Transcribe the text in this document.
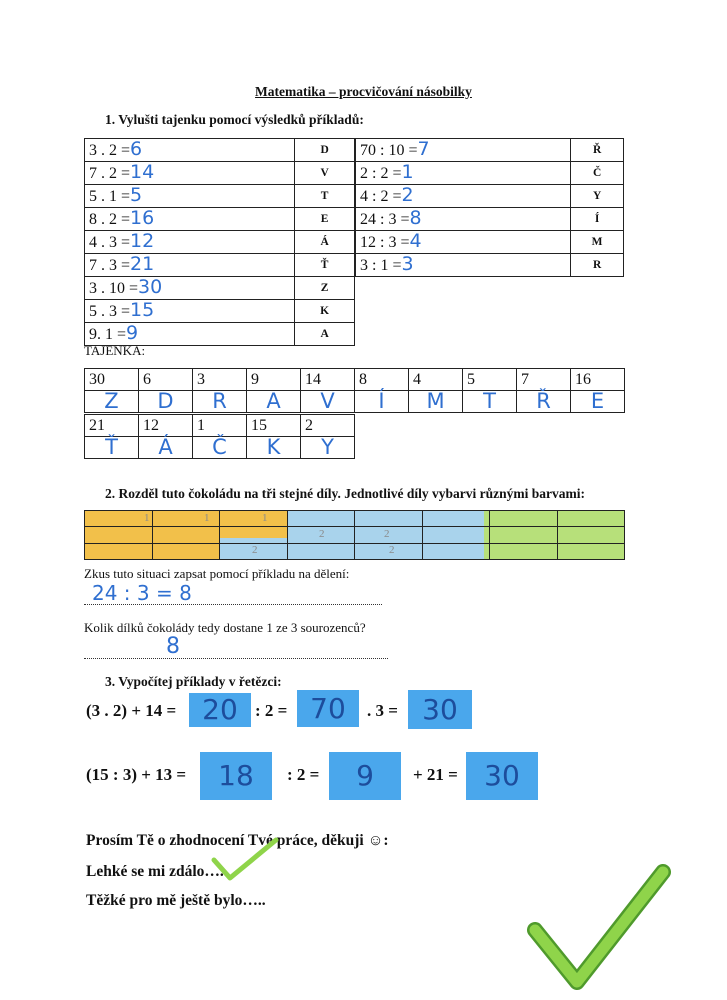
Matematika – procvičování násobilky
1. Vylušti tajenku pomocí výsledků příkladů:
3 . 2 =6	D
7 . 2 =14	V
5 . 1 =5	T
8 . 2 =16	E
4 . 3 =12	Á
7 . 3 =21	Ť
3 . 10 =30	Z
5 . 3 =15	K
9. 1 =9	A
70 : 10 =7	Ř
2 : 2 =1	Č
4 : 2 =2	Y
24 : 3 =8	Í
12 : 3 =4	M
3 : 1 =3	R
TAJENKA:
30	6	3	9	14	8	4	5	7	16
Z	D	R	A	V	Í	M	T	Ř	E
21	12	1	15	2
Ť	Á	Č	K	Y
2. Rozděl tuto čokoládu na tři stejné díly. Jednotlivé díly vybarvi různými barvami:

1	1	1
2
2	2
2
Zkus tuto situaci zapsat pomocí příkladu na dělení:
24 : 3 = 8
Kolik dílků čokolády tedy dostane 1 ze 3 sourozenců?
8
3. Vypočítej příklady v řetězci:
(3 . 2) + 14 = 20	: 2 = 70	. 3 = 30
(15 : 3) + 13 =	18	: 2 =	9	+ 21 = 30
Prosím Tě o zhodnocení Tvé práce, děkuji ☺:
Lehké se mi zdálo…..
Těžké pro mě ještě bylo…..
